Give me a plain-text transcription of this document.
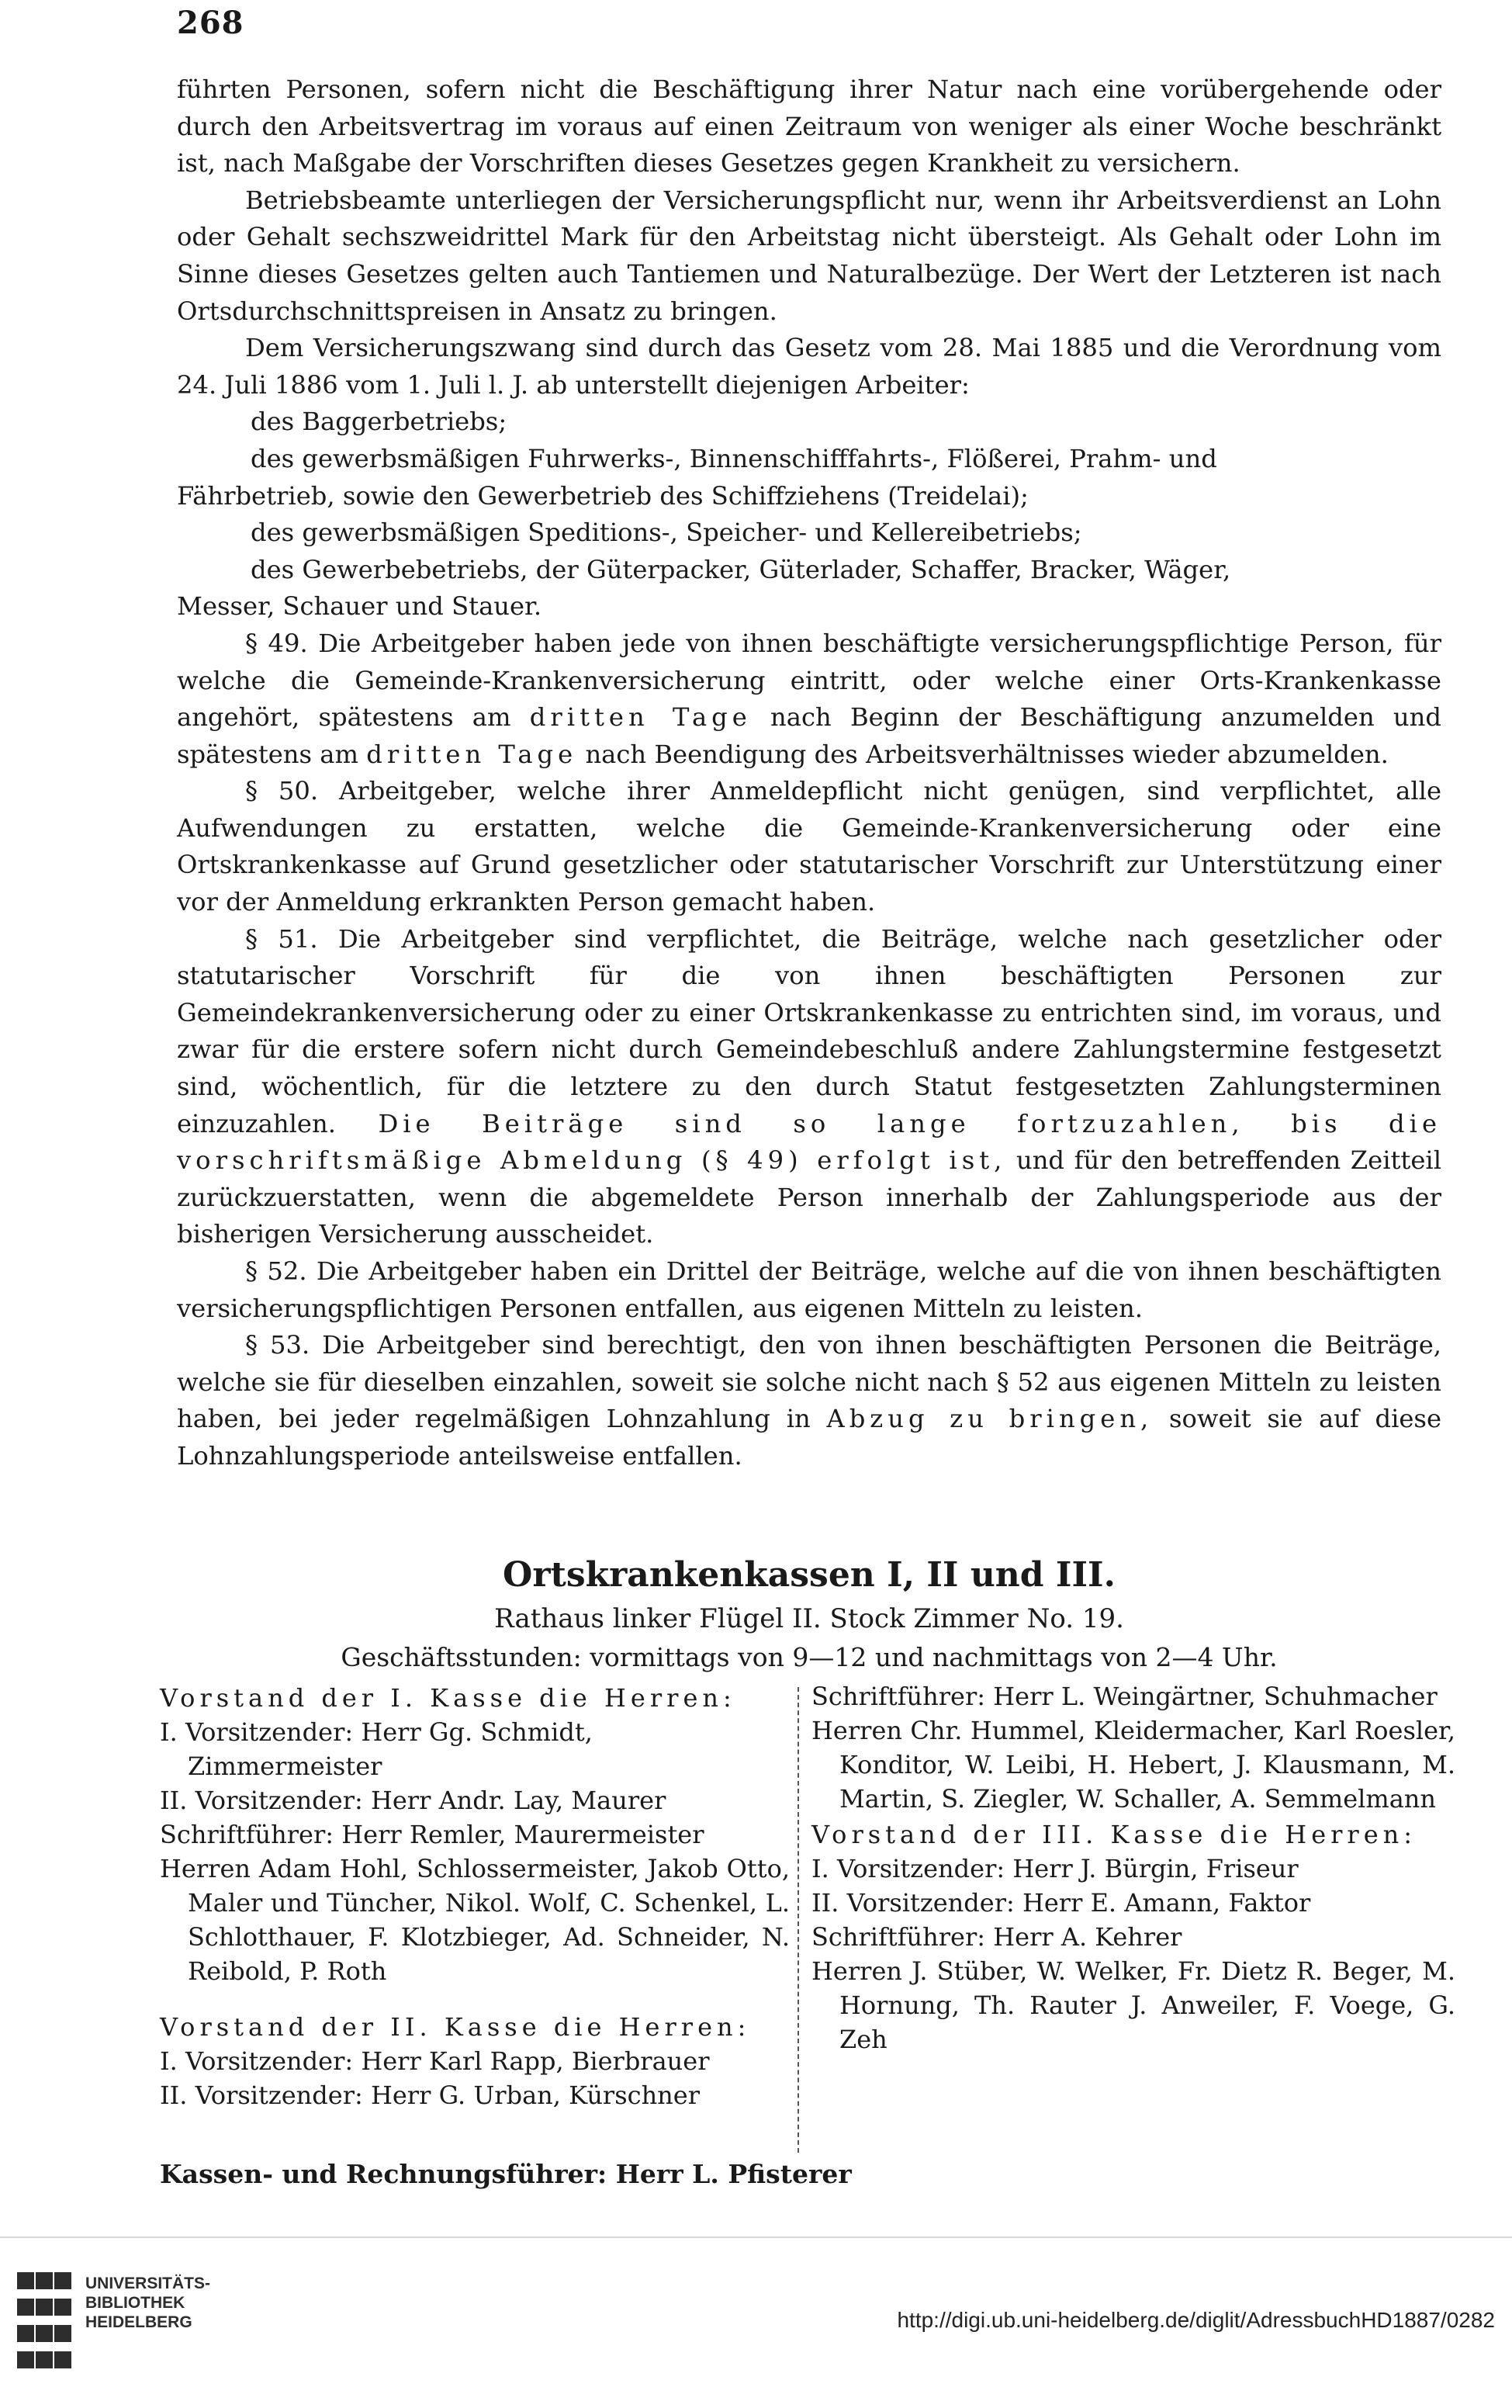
268

führten Personen, sofern nicht die Beschäftigung ihrer Natur nach eine vorübergehende oder durch den Arbeitsvertrag im voraus auf einen Zeitraum von weniger als einer Woche beschränkt ist, nach Maßgabe der Vorschriften dieses Gesetzes gegen Krankheit zu versichern.

Betriebsbeamte unterliegen der Versicherungspflicht nur, wenn ihr Arbeitsverdienst an Lohn oder Gehalt sechszweidrittel Mark für den Arbeitstag nicht übersteigt. Als Gehalt oder Lohn im Sinne dieses Gesetzes gelten auch Tantiemen und Naturalbezüge. Der Wert der Letzteren ist nach Ortsdurchschnittspreisen in Ansatz zu bringen.

Dem Versicherungszwang sind durch das Gesetz vom 28. Mai 1885 und die Verordnung vom 24. Juli 1886 vom 1. Juli l. J. ab unterstellt diejenigen Arbeiter:

des Baggerbetriebs;

des gewerbsmäßigen Fuhrwerks-, Binnenschifffahrts-, Flößerei, Prahm- und

Fährbetrieb, sowie den Gewerbetrieb des Schiffziehens (Treidelai);

des gewerbsmäßigen Speditions-, Speicher- und Kellereibetriebs;

des Gewerbebetriebs, der Güterpacker, Güterlader, Schaffer, Bracker, Wäger,

Messer, Schauer und Stauer.

§ 49. Die Arbeitgeber haben jede von ihnen beschäftigte versicherungspflichtige Person, für welche die Gemeinde-Krankenversicherung eintritt, oder welche einer Orts-Krankenkasse angehört, spätestens am dritten Tage nach Beginn der Beschäftigung anzumelden und spätestens am dritten Tage nach Beendigung des Arbeitsverhältnisses wieder abzumelden.

§ 50. Arbeitgeber, welche ihrer Anmeldepflicht nicht genügen, sind verpflichtet, alle Aufwendungen zu erstatten, welche die Gemeinde-Krankenversicherung oder eine Ortskrankenkasse auf Grund gesetzlicher oder statutarischer Vorschrift zur Unterstützung einer vor der Anmeldung erkrankten Person gemacht haben.

§ 51. Die Arbeitgeber sind verpflichtet, die Beiträge, welche nach gesetzlicher oder statutarischer Vorschrift für die von ihnen beschäftigten Personen zur Gemeindekrankenversicherung oder zu einer Ortskrankenkasse zu entrichten sind, im voraus, und zwar für die erstere sofern nicht durch Gemeindebeschluß andere Zahlungstermine festgesetzt sind, wöchentlich, für die letztere zu den durch Statut festgesetzten Zahlungsterminen einzuzahlen. Die Beiträge sind so lange fortzuzahlen, bis die vorschriftsmäßige Abmeldung (§ 49) erfolgt ist, und für den betreffenden Zeitteil zurückzuerstatten, wenn die abgemeldete Person innerhalb der Zahlungsperiode aus der bisherigen Versicherung ausscheidet.

§ 52. Die Arbeitgeber haben ein Drittel der Beiträge, welche auf die von ihnen beschäftigten versicherungspflichtigen Personen entfallen, aus eigenen Mitteln zu leisten.

§ 53. Die Arbeitgeber sind berechtigt, den von ihnen beschäftigten Personen die Beiträge, welche sie für dieselben einzahlen, soweit sie solche nicht nach § 52 aus eigenen Mitteln zu leisten haben, bei jeder regelmäßigen Lohnzahlung in Abzug zu bringen, soweit sie auf diese Lohnzahlungsperiode anteilsweise entfallen.

Ortskrankenkassen I, II und III.
Rathaus linker Flügel II. Stock Zimmer No. 19.
Geschäftsstunden: vormittags von 9—12 und nachmittags von 2—4 Uhr.

Vorstand der I. Kasse die Herren:

I. Vorsitzender: Herr Gg. Schmidt, Zimmermeister

II. Vorsitzender: Herr Andr. Lay, Maurer

Schriftführer: Herr Remler, Maurermeister

Herren Adam Hohl, Schlossermeister, Jakob Otto, Maler und Tüncher, Nikol. Wolf, C. Schenkel, L. Schlotthauer, F. Klotzbieger, Ad. Schneider, N. Reibold, P. Roth

Vorstand der II. Kasse die Herren:

I. Vorsitzender: Herr Karl Rapp, Bierbrauer

II. Vorsitzender: Herr G. Urban, Kürschner

Schriftführer: Herr L. Weingärtner, Schuhmacher

Herren Chr. Hummel, Kleidermacher, Karl Roesler, Konditor, W. Leibi, H. Hebert, J. Klausmann, M. Martin, S. Ziegler, W. Schaller, A. Semmelmann

Vorstand der III. Kasse die Herren:

I. Vorsitzender: Herr J. Bürgin, Friseur

II. Vorsitzender: Herr E. Amann, Faktor

Schriftführer: Herr A. Kehrer

Herren J. Stüber, W. Welker, Fr. Dietz R. Beger, M. Hornung, Th. Rauter J. Anweiler, F. Voege, G. Zeh

Kassen- und Rechnungsführer: Herr L. Pfisterer
UNIVERSITÄTS-
BIBLIOTHEK
HEIDELBERG	http://digi.ub.uni-heidelberg.de/diglit/AdressbuchHD1887/0282
